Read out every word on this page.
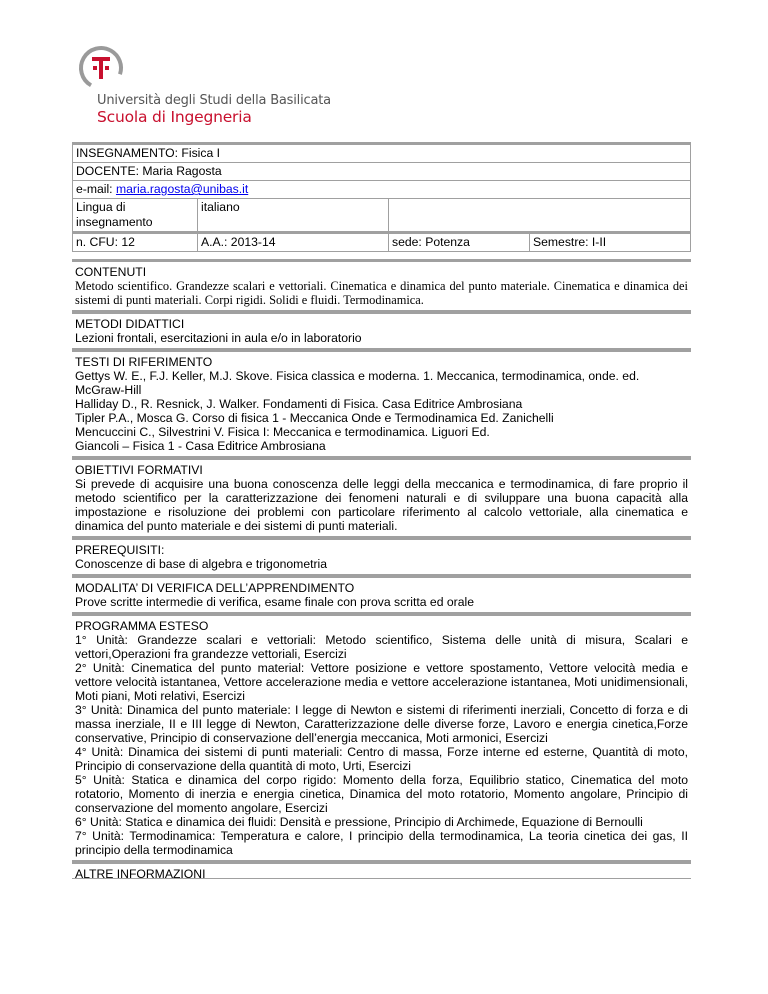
Università degli Studi della Basilicata
Scuola di Ingegneria
INSEGNAMENTO: Fisica I			
DOCENTE: Maria Ragosta			
e-mail: maria.ragosta@unibas.it			
Lingua di insegnamento	italiano		
n. CFU: 12	A.A.: 2013-14	sede: Potenza	Semestre: I-II
CONTENUTI
Metodo scientifico. Grandezze scalari e vettoriali. Cinematica e dinamica del punto materiale. Cinematica e dinamica dei sistemi di punti materiali. Corpi rigidi. Solidi e fluidi. Termodinamica.
METODI DIDATTICI
Lezioni frontali, esercitazioni in aula e/o in laboratorio
TESTI DI RIFERIMENTO
Gettys W. E., F.J. Keller, M.J. Skove. Fisica classica e moderna. 1. Meccanica, termodinamica, onde. ed. McGraw-Hill
Halliday D., R. Resnick, J. Walker. Fondamenti di Fisica. Casa Editrice Ambrosiana
Tipler P.A., Mosca G. Corso di fisica 1 - Meccanica Onde e Termodinamica Ed. Zanichelli
Mencuccini C., Silvestrini V. Fisica I: Meccanica e termodinamica. Liguori Ed.
Giancoli – Fisica 1 - Casa Editrice Ambrosiana
OBIETTIVI FORMATIVI
Si prevede di acquisire una buona conoscenza delle leggi della meccanica e termodinamica, di fare proprio il metodo scientifico per la caratterizzazione dei fenomeni naturali e di sviluppare una buona capacità alla impostazione e risoluzione dei problemi con particolare riferimento al calcolo vettoriale, alla cinematica e dinamica del punto materiale e dei sistemi di punti materiali.
PREREQUISITI:
Conoscenze di base di algebra e trigonometria
MODALITA’ DI VERIFICA DELL’APPRENDIMENTO
Prove scritte intermedie di verifica, esame finale con prova scritta ed orale
PROGRAMMA ESTESO
1° Unità: Grandezze scalari e vettoriali: Metodo scientifico, Sistema delle unità di misura, Scalari e vettori,Operazioni fra grandezze vettoriali, Esercizi
2° Unità: Cinematica del punto material: Vettore posizione e vettore spostamento, Vettore velocità media e vettore velocità istantanea, Vettore accelerazione media e vettore accelerazione istantanea, Moti unidimensionali, Moti piani, Moti relativi, Esercizi
3° Unità: Dinamica del punto materiale: I legge di Newton e sistemi di riferimenti inerziali, Concetto di forza e di massa inerziale, II e III legge di Newton, Caratterizzazione delle diverse forze, Lavoro e energia cinetica,Forze conservative, Principio di conservazione dell’energia meccanica, Moti armonici, Esercizi
4° Unità: Dinamica dei sistemi di punti materiali: Centro di massa, Forze interne ed esterne, Quantità di moto, Principio di conservazione della quantità di moto, Urti, Esercizi
5° Unità: Statica e dinamica del corpo rigido: Momento della forza, Equilibrio statico, Cinematica del moto rotatorio, Momento di inerzia e energia cinetica, Dinamica del moto rotatorio, Momento angolare, Principio di conservazione del momento angolare, Esercizi
6° Unità: Statica e dinamica dei fluidi: Densità e pressione, Principio di Archimede, Equazione di Bernoulli
7° Unità: Termodinamica: Temperatura e calore, I principio della termodinamica, La teoria cinetica dei gas, II principio della termodinamica
ALTRE INFORMAZIONI
